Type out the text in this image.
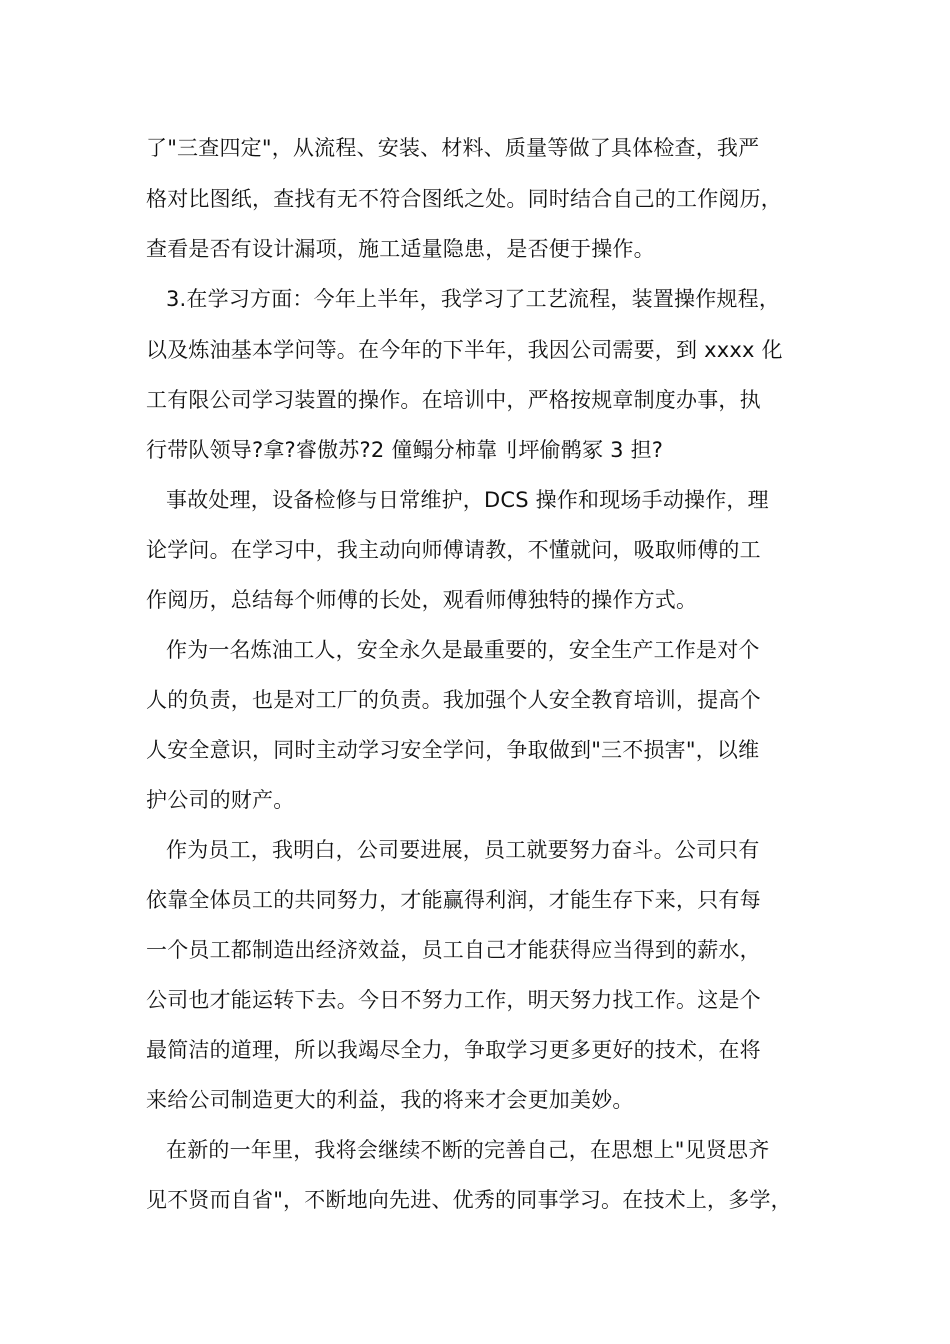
了"三查四定"，从流程、安装、材料、质量等做了具体检查，我严
格对比图纸，查找有无不符合图纸之处。同时结合自己的工作阅历，
查看是否有设计漏项，施工适量隐患，是否便于操作。
3.在学习方面：今年上半年，我学习了工艺流程，装置操作规程，
以及炼油基本学问等。在今年的下半年，我因公司需要，到 xxxx 化
工有限公司学习装置的操作。在培训中，严格按规章制度办事，执
行带队领导?拿?睿傲苏?2 僮鳎分柿靠刂坪偷鹘冢 3 担?
事故处理，设备检修与日常维护，DCS 操作和现场手动操作，理
论学问。在学习中，我主动向师傅请教，不懂就问，吸取师傅的工
作阅历，总结每个师傅的长处，观看师傅独特的操作方式。
作为一名炼油工人，安全永久是最重要的，安全生产工作是对个
人的负责，也是对工厂的负责。我加强个人安全教育培训，提高个
人安全意识，同时主动学习安全学问，争取做到"三不损害"，以维
护公司的财产。
作为员工，我明白，公司要进展，员工就要努力奋斗。公司只有
依靠全体员工的共同努力，才能赢得利润，才能生存下来，只有每
一个员工都制造出经济效益，员工自己才能获得应当得到的薪水，
公司也才能运转下去。今日不努力工作，明天努力找工作。这是个
最简洁的道理，所以我竭尽全力，争取学习更多更好的技术，在将
来给公司制造更大的利益，我的将来才会更加美妙。
在新的一年里，我将会继续不断的完善自己，在思想上"见贤思齐
见不贤而自省"，不断地向先进、优秀的同事学习。在技术上，多学，
